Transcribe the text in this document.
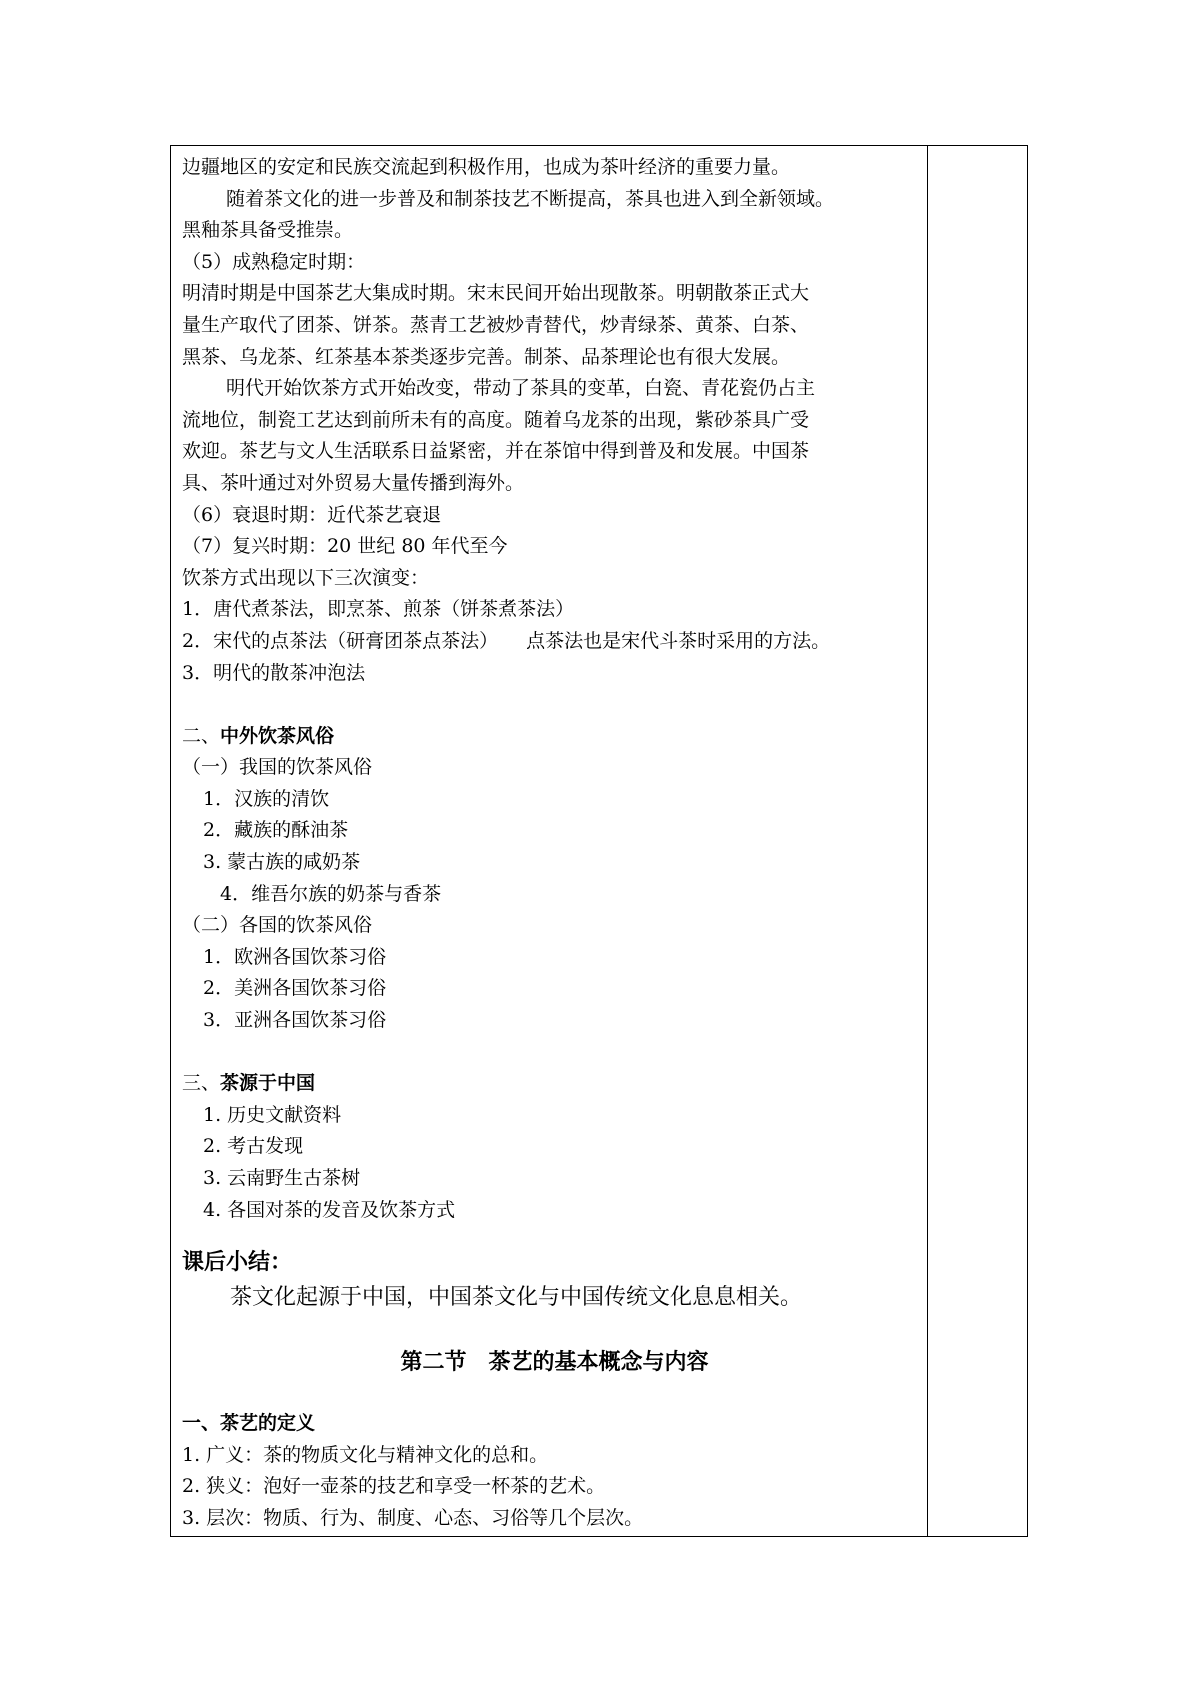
边疆地区的安定和民族交流起到积极作用，也成为茶叶经济的重要力量。
随着茶文化的进一步普及和制茶技艺不断提高，茶具也进入到全新领域。
黑釉茶具备受推崇。
（5）成熟稳定时期：
明清时期是中国茶艺大集成时期。宋末民间开始出现散茶。明朝散茶正式大
量生产取代了团茶、饼茶。蒸青工艺被炒青替代，炒青绿茶、黄茶、白茶、
黑茶、乌龙茶、红茶基本茶类逐步完善。制茶、品茶理论也有很大发展。
明代开始饮茶方式开始改变，带动了茶具的变革，白瓷、青花瓷仍占主
流地位，制瓷工艺达到前所未有的高度。随着乌龙茶的出现，紫砂茶具广受
欢迎。茶艺与文人生活联系日益紧密，并在茶馆中得到普及和发展。中国茶
具、茶叶通过对外贸易大量传播到海外。
（6）衰退时期：近代茶艺衰退
（7）复兴时期：20 世纪 80 年代至今
饮茶方式出现以下三次演变：
1．唐代煮茶法，即烹茶、煎茶（饼茶煮茶法）
2．宋代的点茶法（研膏团茶点茶法） 点茶法也是宋代斗茶时采用的方法。
3．明代的散茶冲泡法
二、中外饮茶风俗
（一）我国的饮茶风俗
1．汉族的清饮
2．藏族的酥油茶
3. 蒙古族的咸奶茶
4．维吾尔族的奶茶与香茶
（二）各国的饮茶风俗
1．欧洲各国饮茶习俗
2．美洲各国饮茶习俗
3．亚洲各国饮茶习俗
三、茶源于中国
1. 历史文献资料
2. 考古发现
3. 云南野生古茶树
4. 各国对茶的发音及饮茶方式
课后小结：
茶文化起源于中国，中国茶文化与中国传统文化息息相关。
第二节　茶艺的基本概念与内容
一、茶艺的定义
1. 广义：茶的物质文化与精神文化的总和。
2. 狭义：泡好一壶茶的技艺和享受一杯茶的艺术。
3. 层次：物质、行为、制度、心态、习俗等几个层次。
